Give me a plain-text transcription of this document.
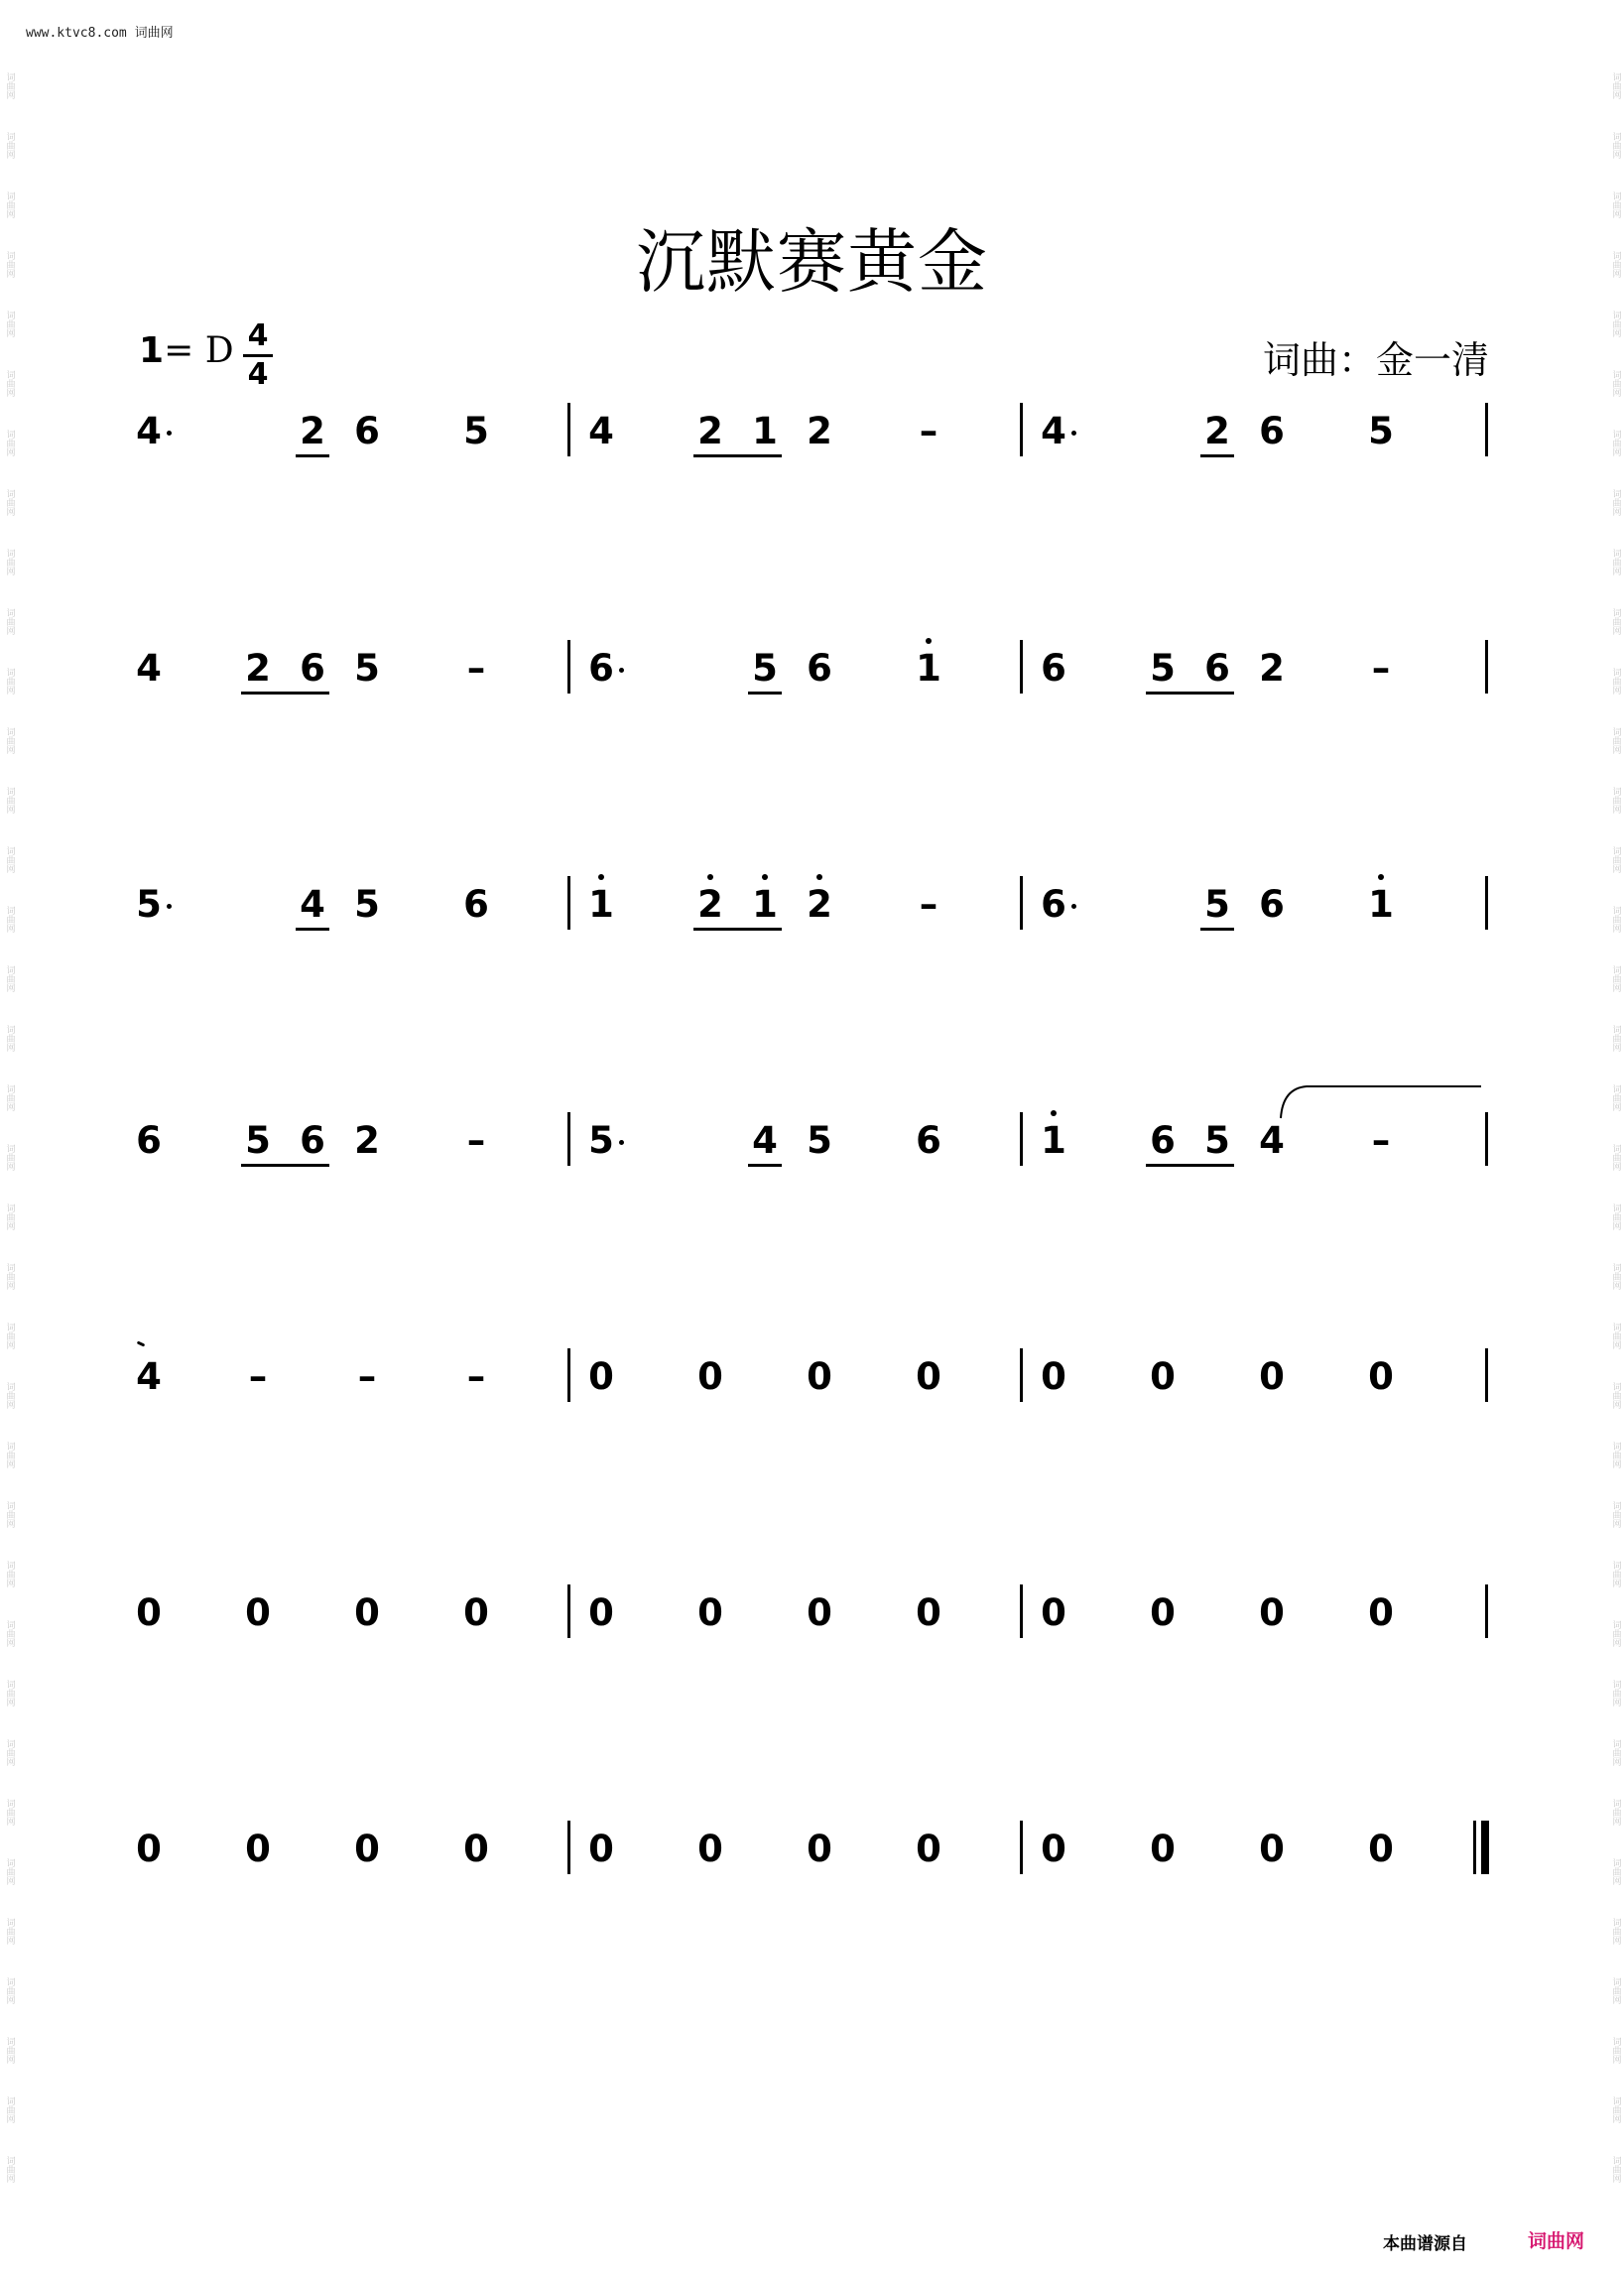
www.ktvc8.com 词曲网
词曲网
词曲网
词曲网
词曲网
词曲网
词曲网
词曲网
词曲网
词曲网
词曲网
词曲网
词曲网
词曲网
词曲网
词曲网
词曲网
词曲网
词曲网
词曲网
词曲网
词曲网
词曲网
词曲网
词曲网
词曲网
词曲网
词曲网
词曲网
词曲网
词曲网
词曲网
词曲网
词曲网
词曲网
词曲网
词曲网
词曲网
词曲网
词曲网
词曲网
词曲网
词曲网
词曲网
词曲网
词曲网
词曲网
词曲网
词曲网
词曲网
词曲网
词曲网
词曲网
词曲网
词曲网
词曲网
词曲网
词曲网
词曲网
词曲网
词曲网
词曲网
词曲网
词曲网
词曲网
词曲网
词曲网
词曲网
词曲网
词曲网
词曲网
词曲网
词曲网
沉默赛黄金
1= D 4
4	词曲：金一清
4	2 6 5	4 2 1 2 –	4	2 6 5
4 2 6 5 –	6	5 6 1	6 5 6 2 –
5	4 5 6	1 2 1 2 –	6	5 6 1
6 5 6 2 –	5	4 5 6	1 6 5 4 –
4 – – –	0 0 0 0	0 0 0 0
0 0 0 0	0 0 0 0	0 0 0 0
0 0 0 0	0 0 0 0	0 0 0 0
本曲谱源自	词曲网
